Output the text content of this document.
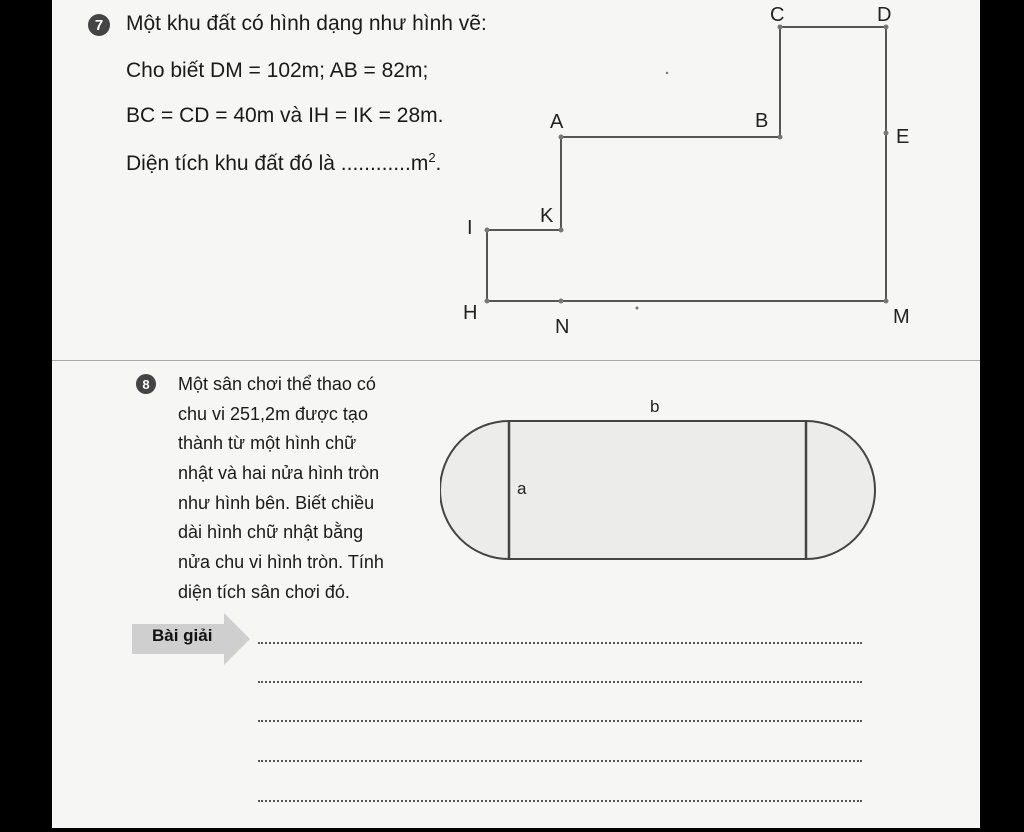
7	Một khu đất có hình dạng như hình vẽ:
Cho biết DM = 102m; AB = 82m;
BC = CD = 40m và IH = IK = 28m.
Diện tích khu đất đó là $............m^2$.
C	D
A	B
E
K
I
H
N	M
8	Một sân chơi thể thao có
chu vi 251,2m được tạo
thành từ một hình chữ
nhật và hai nửa hình tròn
như hình bên. Biết chiều
dài hình chữ nhật bằng
nửa chu vi hình tròn. Tính
diện tích sân chơi đó.
b
a
Bài giải
